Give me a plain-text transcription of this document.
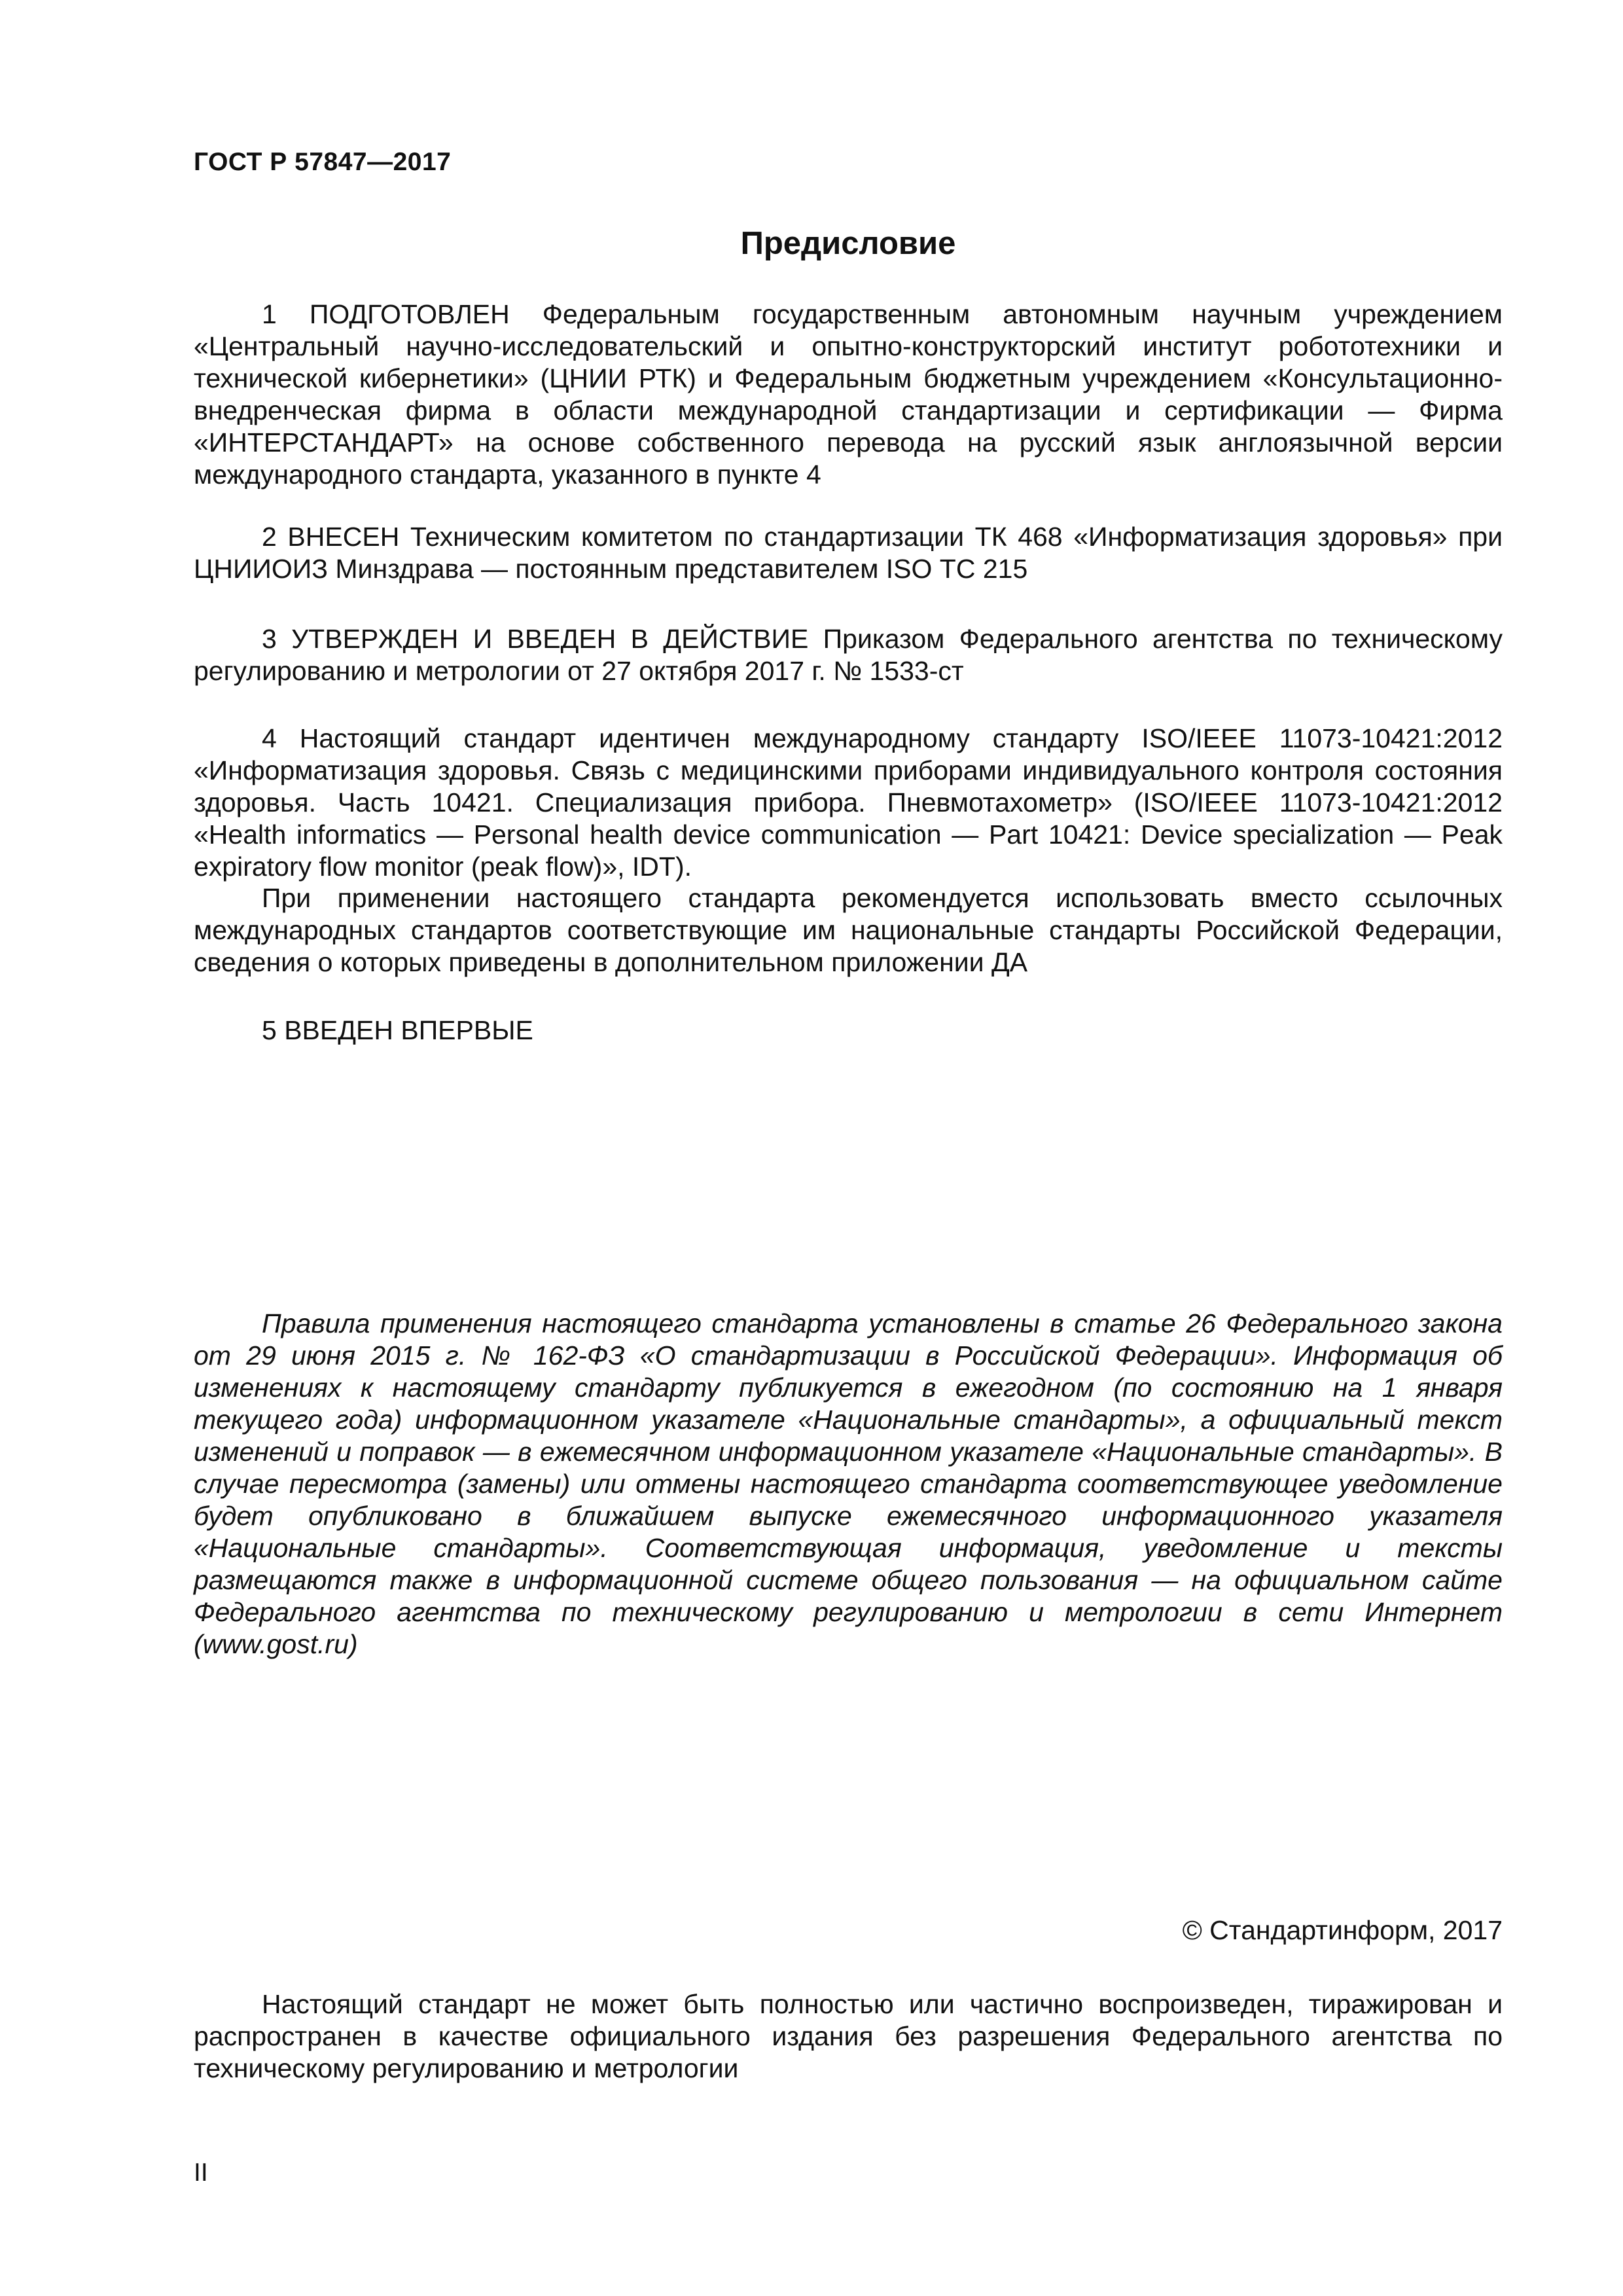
ГОСТ Р 57847—2017
Предисловие

1 ПОДГОТОВЛЕН Федеральным государственным автономным научным учреждением «Центральный научно-исследовательский и опытно-конструкторский институт робототехники и технической кибернетики» (ЦНИИ РТК) и Федеральным бюджетным учреждением «Консультационно-внедренческая фирма в области международной стандартизации и сертификации — Фирма «ИНТЕРСТАНДАРТ» на основе собственного перевода на русский язык англоязычной версии международного стандарта, указанного в пункте 4

2 ВНЕСЕН Техническим комитетом по стандартизации ТК 468 «Информатизация здоровья» при ЦНИИОИЗ Минздрава — постоянным представителем ISO ТС 215

3 УТВЕРЖДЕН И ВВЕДЕН В ДЕЙСТВИЕ Приказом Федерального агентства по техническому регулированию и метрологии от 27 октября 2017 г. № 1533-ст

4 Настоящий стандарт идентичен международному стандарту ISO/IEEE 11073-10421:2012 «Информатизация здоровья. Связь с медицинскими приборами индивидуального контроля состояния здоровья. Часть 10421. Специализация прибора. Пневмотахометр» (ISO/IEEE 11073-10421:2012 «Health informatics — Personal health device communication — Part 10421: Device specialization — Peak expiratory flow monitor (peak flow)», IDT).

При применении настоящего стандарта рекомендуется использовать вместо ссылочных международных стандартов соответствующие им национальные стандарты Российской Федерации, сведения о которых приведены в дополнительном приложении ДА

5 ВВЕДЕН ВПЕРВЫЕ

Правила применения настоящего стандарта установлены в статье 26 Федерального закона от 29 июня 2015 г. № 162-ФЗ «О стандартизации в Российской Федерации». Информация об изменениях к настоящему стандарту публикуется в ежегодном (по состоянию на 1 января текущего года) информационном указателе «Национальные стандарты», а официальный текст изменений и поправок — в ежемесячном информационном указателе «Национальные стандарты». В случае пересмотра (замены) или отмены настоящего стандарта соответствующее уведомление будет опубликовано в ближайшем выпуске ежемесячного информационного указателя «Национальные стандарты». Соответствующая информация, уведомление и тексты размещаются также в информационной системе общего пользования — на официальном сайте Федерального агентства по техническому регулированию и метрологии в сети Интернет (www.gost.ru)

© Стандартинформ, 2017

Настоящий стандарт не может быть полностью или частично воспроизведен, тиражирован и распространен в качестве официального издания без разрешения Федерального агентства по техническому регулированию и метрологии

II
